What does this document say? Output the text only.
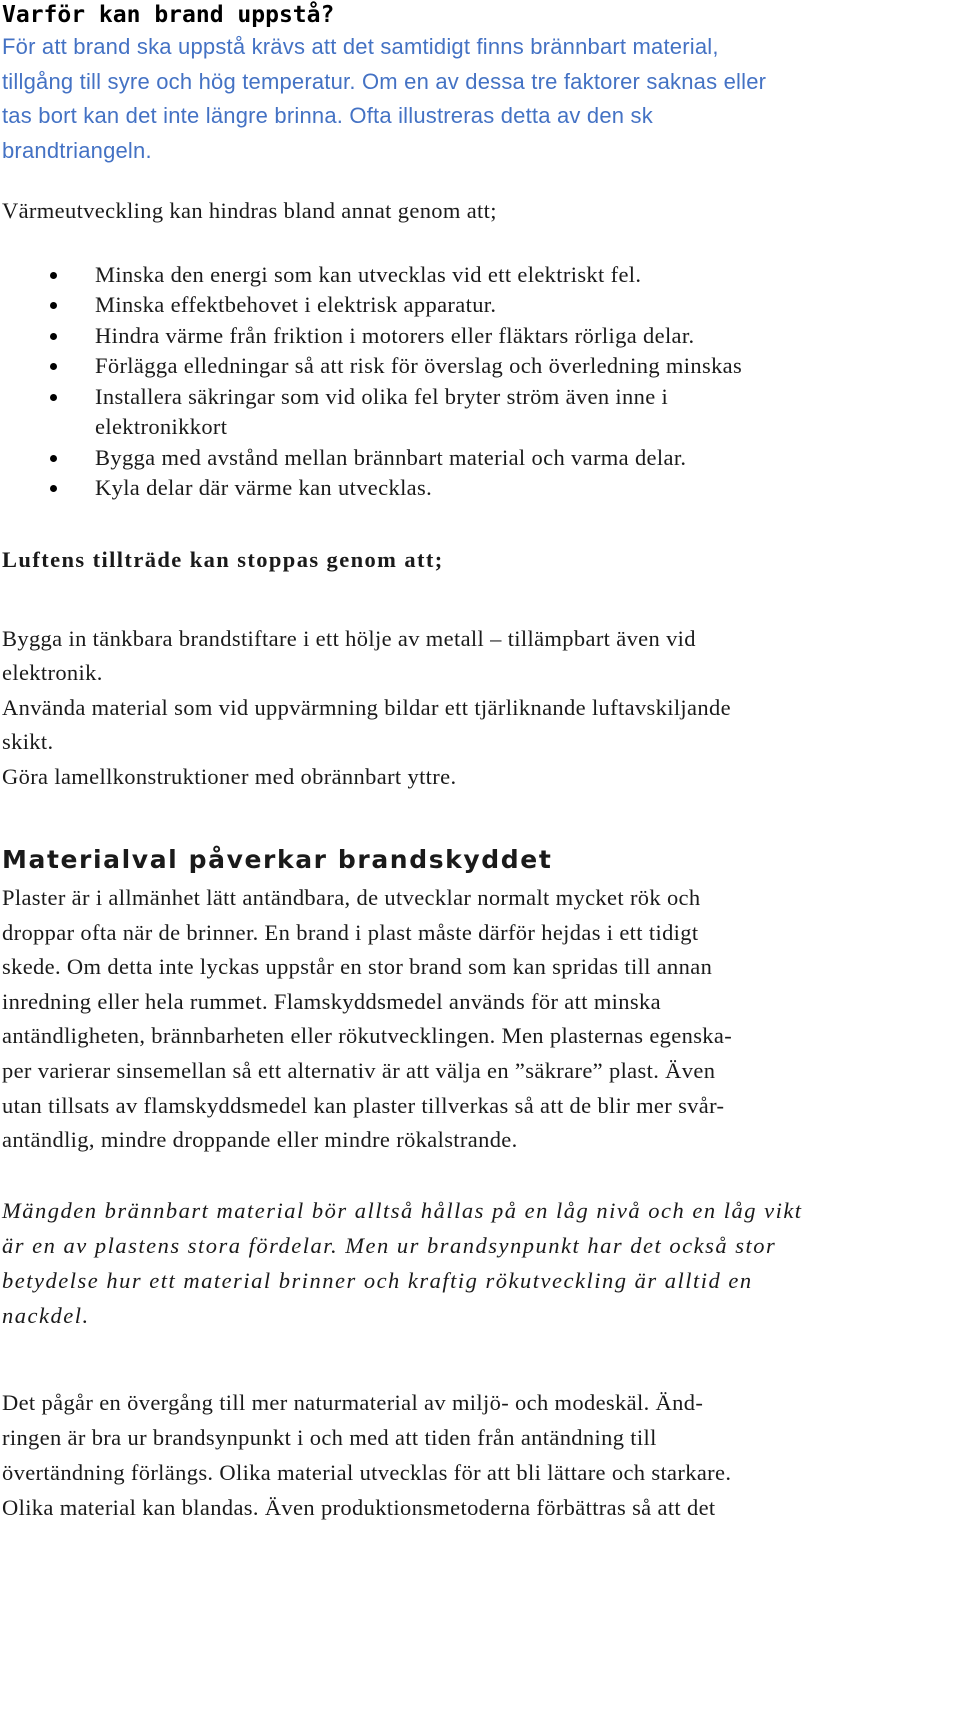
Varför kan brand uppstå?

För att brand ska uppstå krävs att det samtidigt finns brännbart material,
tillgång till syre och hög temperatur. Om en av dessa tre faktorer saknas eller
tas bort kan det inte längre brinna. Ofta illustreras detta av den sk
brandtriangeln.

Värmeutveckling kan hindras bland annat genom att;

Minska den energi som kan utvecklas vid ett elektriskt fel.
Minska effektbehovet i elektrisk apparatur.
Hindra värme från friktion i motorers eller fläktars rörliga delar.
Förlägga elledningar så att risk för överslag och överledning minskas
Installera säkringar som vid olika fel bryter ström även inne i
elektronikkort
Bygga med avstånd mellan brännbart material och varma delar.
Kyla delar där värme kan utvecklas.
Luftens tillträde kan stoppas genom att;

Bygga in tänkbara brandstiftare i ett hölje av metall – tillämpbart även vid
elektronik.

Använda material som vid uppvärmning bildar ett tjärliknande luftavskiljande
skikt.

Göra lamellkonstruktioner med obrännbart yttre.

Materialval påverkar brandskyddet

Plaster är i allmänhet lätt antändbara, de utvecklar normalt mycket rök och
droppar ofta när de brinner. En brand i plast måste därför hejdas i ett tidigt
skede. Om detta inte lyckas uppstår en stor brand som kan spridas till annan
inredning eller hela rummet. Flamskyddsmedel används för att minska
antändligheten, brännbarheten eller rökutvecklingen. Men plasternas egenska-
per varierar sinsemellan så ett alternativ är att välja en ”säkrare” plast. Även
utan tillsats av flamskyddsmedel kan plaster tillverkas så att de blir mer svår-
antändlig, mindre droppande eller mindre rökalstrande.

Mängden brännbart material bör alltså hållas på en låg nivå och en låg vikt
är en av plastens stora fördelar. Men ur brandsynpunkt har det också stor
betydelse hur ett material brinner och kraftig rökutveckling är alltid en
nackdel.

Det pågår en övergång till mer naturmaterial av miljö- och modeskäl. Änd-
ringen är bra ur brandsynpunkt i och med att tiden från antändning till
övertändning förlängs. Olika material utvecklas för att bli lättare och starkare.
Olika material kan blandas. Även produktionsmetoderna förbättras så att det
